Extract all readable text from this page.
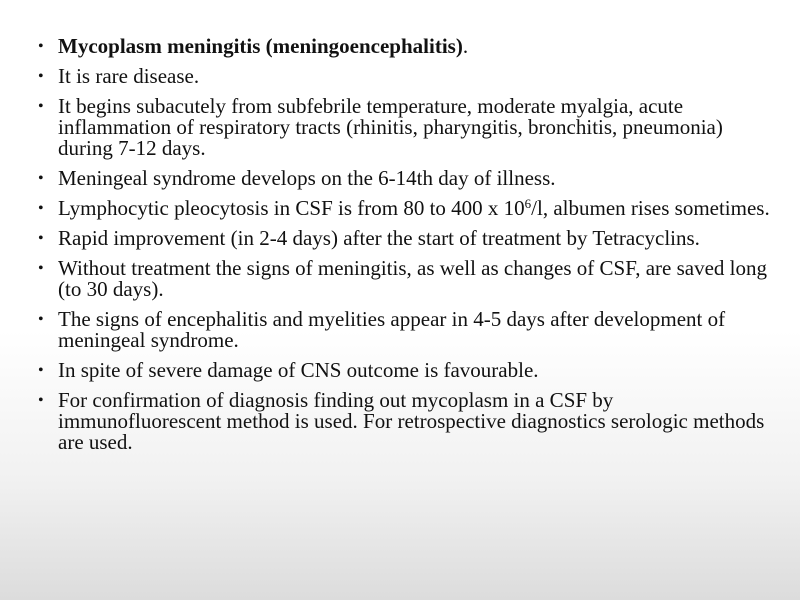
• Mycoplasm meningitis (meningoencephalitis).
• It is rare disease.
• It begins subacutely from subfebrile temperature, moderate myalgia, acute inflammation of respiratory tracts (rhinitis, pharyngitis, bronchitis, pneumonia) during 7-12 days.
• Meningeal syndrome develops on the 6-14th day of illness.
• Lymphocytic pleocytosis in CSF is from 80 to 400 x $10^6/l$, albumen rises sometimes.
• Rapid improvement (in 2-4 days) after the start of treatment by Tetracyclins.
• Without treatment the signs of meningitis, as well as changes of CSF, are saved long (to 30 days).
• The signs of encephalitis and myelities appear in 4-5 days after development of meningeal syndrome.
• In spite of severe damage of CNS outcome is favourable.
• For confirmation of diagnosis finding out mycoplasm in a CSF by immunofluorescent method is used. For retrospective diagnostics serologic methods are used.
